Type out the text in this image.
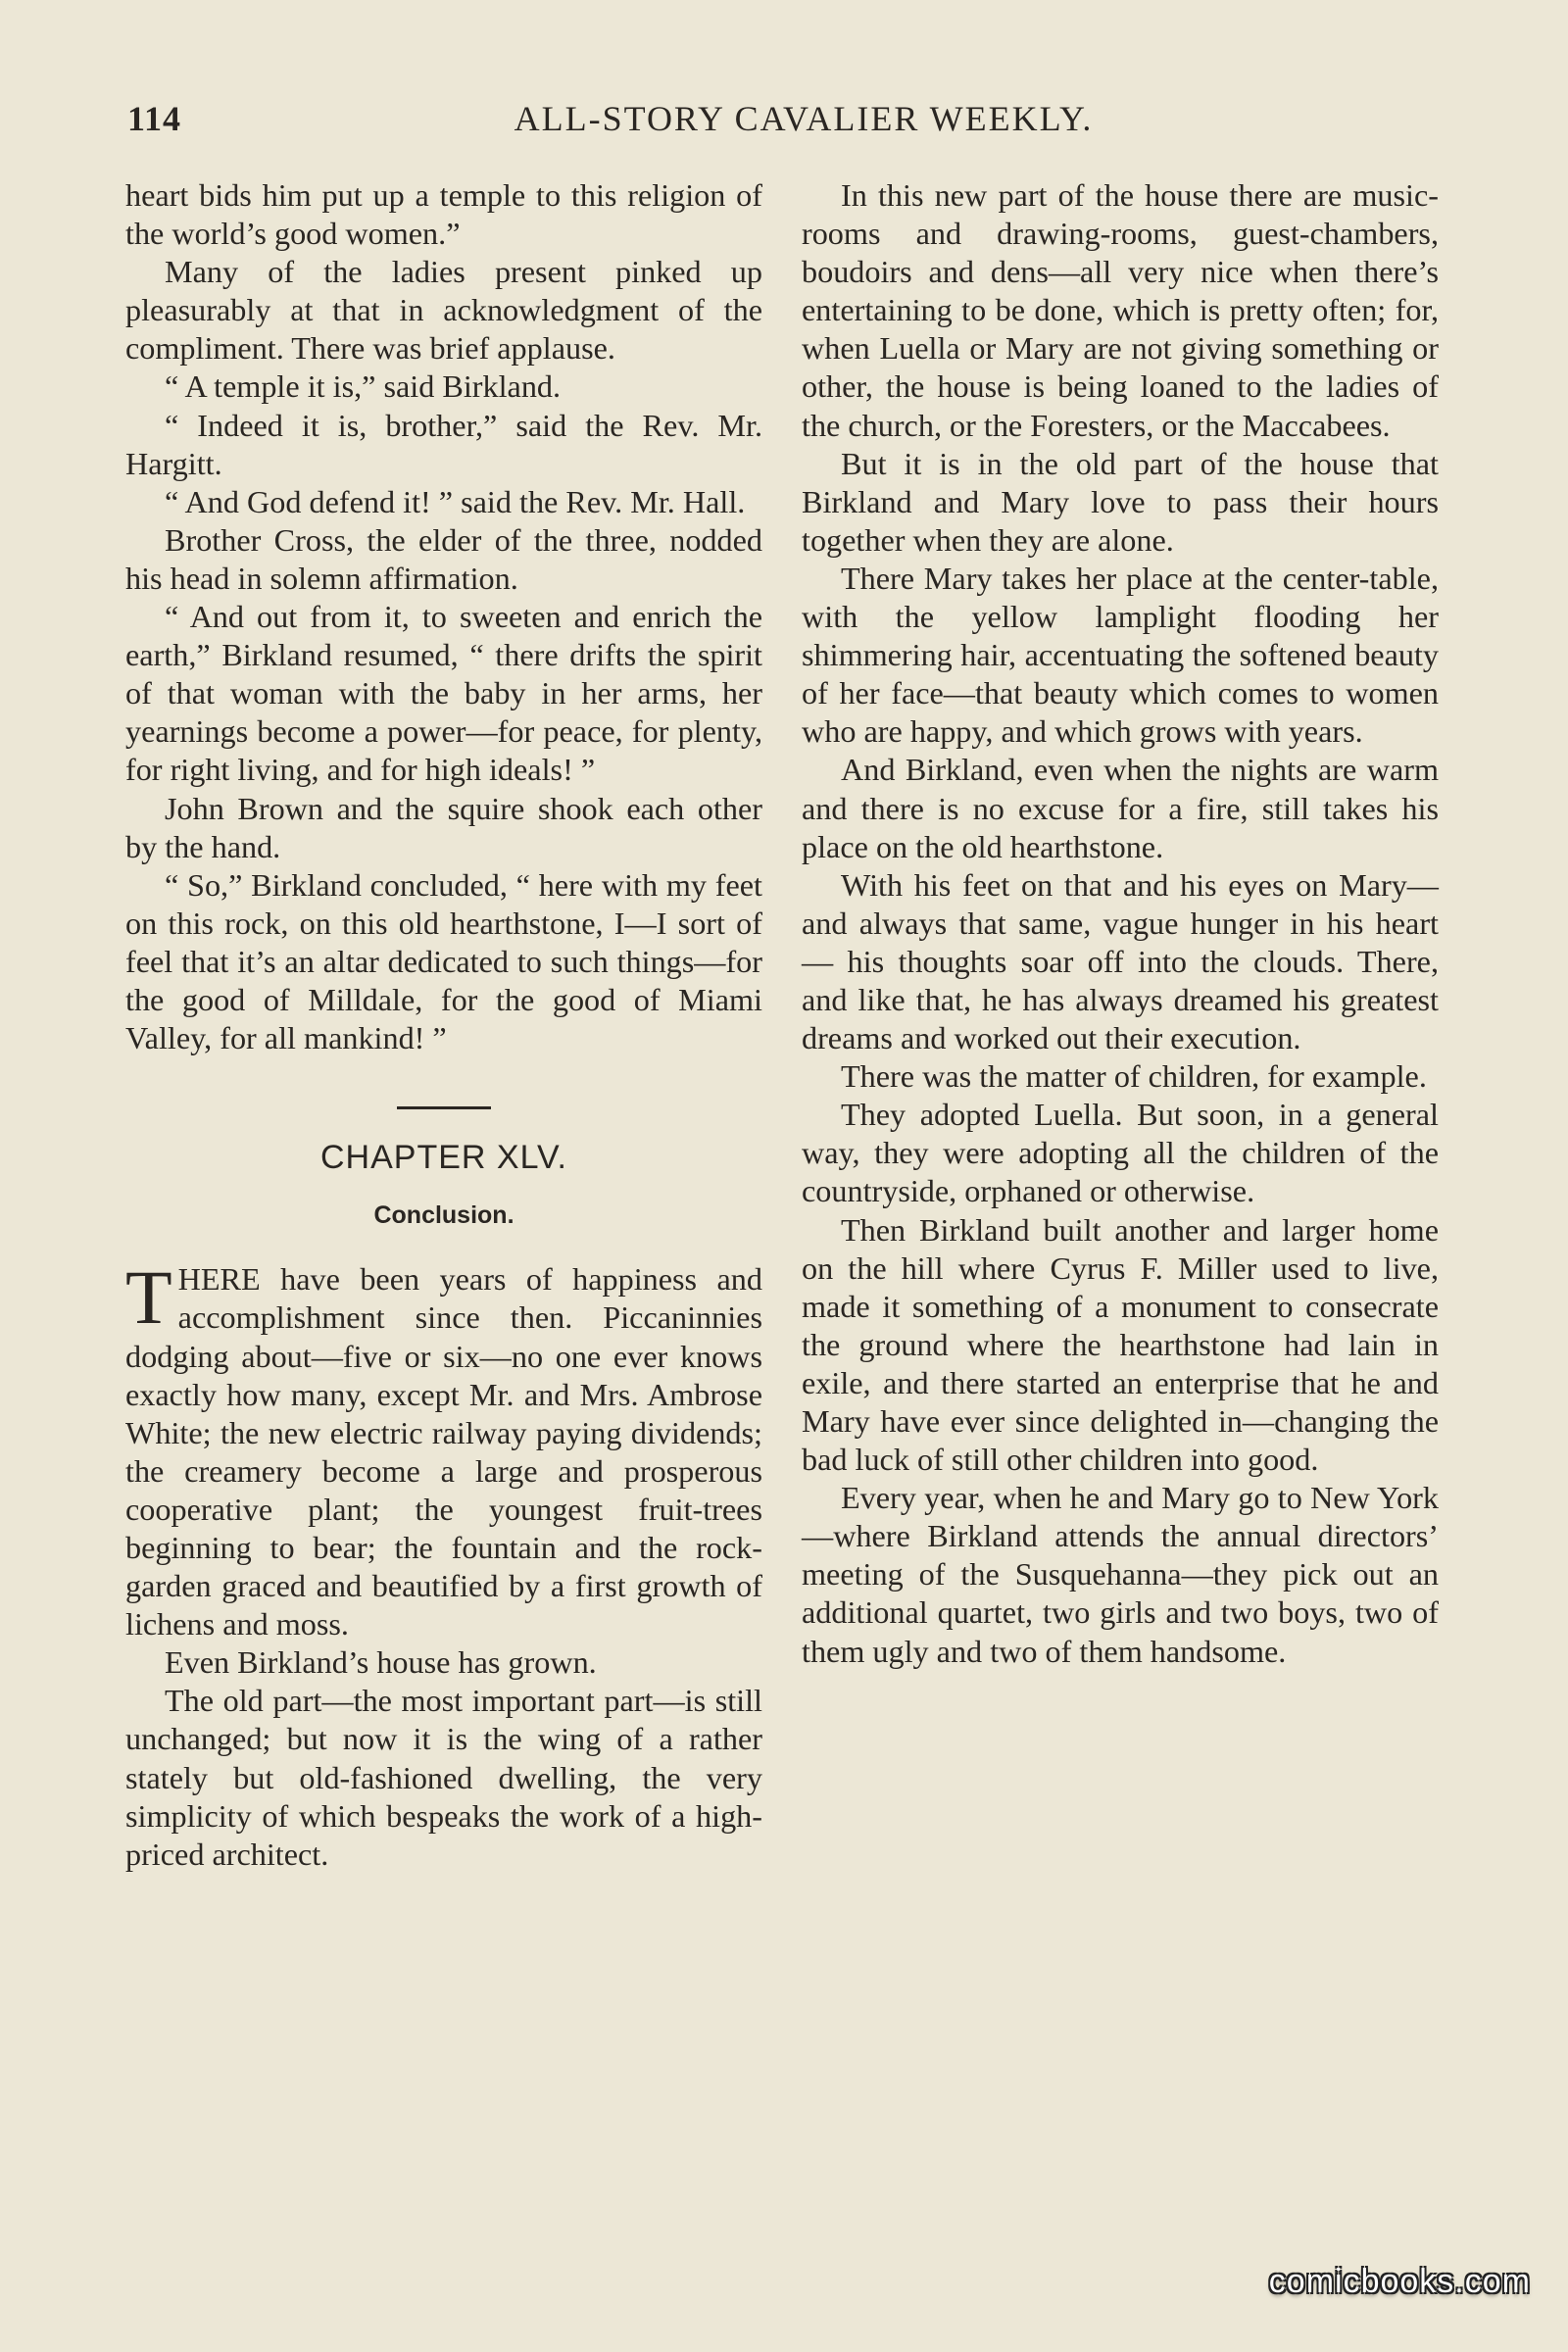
114	ALL-STORY CAVALIER WEEKLY.

heart bids him put up a temple to this religion of the world’s good women.”

Many of the ladies present pinked up pleasurably at that in acknowledgment of the compliment. There was brief applause.

“ A temple it is,” said Birkland.

“ Indeed it is, brother,” said the Rev. Mr. Hargitt.

“ And God defend it! ” said the Rev. Mr. Hall.

Brother Cross, the elder of the three, nodded his head in solemn affirmation.

“ And out from it, to sweeten and enrich the earth,” Birkland resumed, “ there drifts the spirit of that woman with the baby in her arms, her yearnings become a power—for peace, for plenty, for right living, and for high ideals! ”

John Brown and the squire shook each other by the hand.

“ So,” Birkland concluded, “ here with my feet on this rock, on this old hearthstone, I—I sort of feel that it’s an altar dedicated to such things—for the good of Milldale, for the good of Miami Valley, for all mankind! ”

CHAPTER XLV.
Conclusion.

THERE have been years of happiness and accomplishment since then. Piccaninnies dodging about—five or six—no one ever knows exactly how many, except Mr. and Mrs. Ambrose White; the new electric railway paying dividends; the creamery become a large and prosperous cooperative plant; the youngest fruit-trees beginning to bear; the fountain and the rock-garden graced and beautified by a first growth of lichens and moss.

Even Birkland’s house has grown.

The old part—the most important part—is still unchanged; but now it is the wing of a rather stately but old-fashioned dwelling, the very simplicity of which bespeaks the work of a high-priced architect.

In this new part of the house there are music-rooms and drawing-rooms, guest-chambers, boudoirs and dens—all very nice when there’s entertaining to be done, which is pretty often; for, when Luella or Mary are not giving something or other, the house is being loaned to the ladies of the church, or the Foresters, or the Maccabees.

But it is in the old part of the house that Birkland and Mary love to pass their hours together when they are alone.

There Mary takes her place at the center-table, with the yellow lamplight flooding her shimmering hair, accentuating the softened beauty of her face—that beauty which comes to women who are happy, and which grows with years.

And Birkland, even when the nights are warm and there is no excuse for a fire, still takes his place on the old hearthstone.

With his feet on that and his eyes on Mary—and always that same, vague hunger in his heart — his thoughts soar off into the clouds. There, and like that, he has always dreamed his greatest dreams and worked out their execution.

There was the matter of children, for example.

They adopted Luella. But soon, in a general way, they were adopting all the children of the countryside, orphaned or otherwise.

Then Birkland built another and larger home on the hill where Cyrus F. Miller used to live, made it something of a monument to consecrate the ground where the hearthstone had lain in exile, and there started an enterprise that he and Mary have ever since delighted in—changing the bad luck of still other children into good.

Every year, when he and Mary go to New York—where Birkland attends the annual directors’ meeting of the Susquehanna—they pick out an additional quartet, two girls and two boys, two of them ugly and two of them handsome.

comicbooks.com
